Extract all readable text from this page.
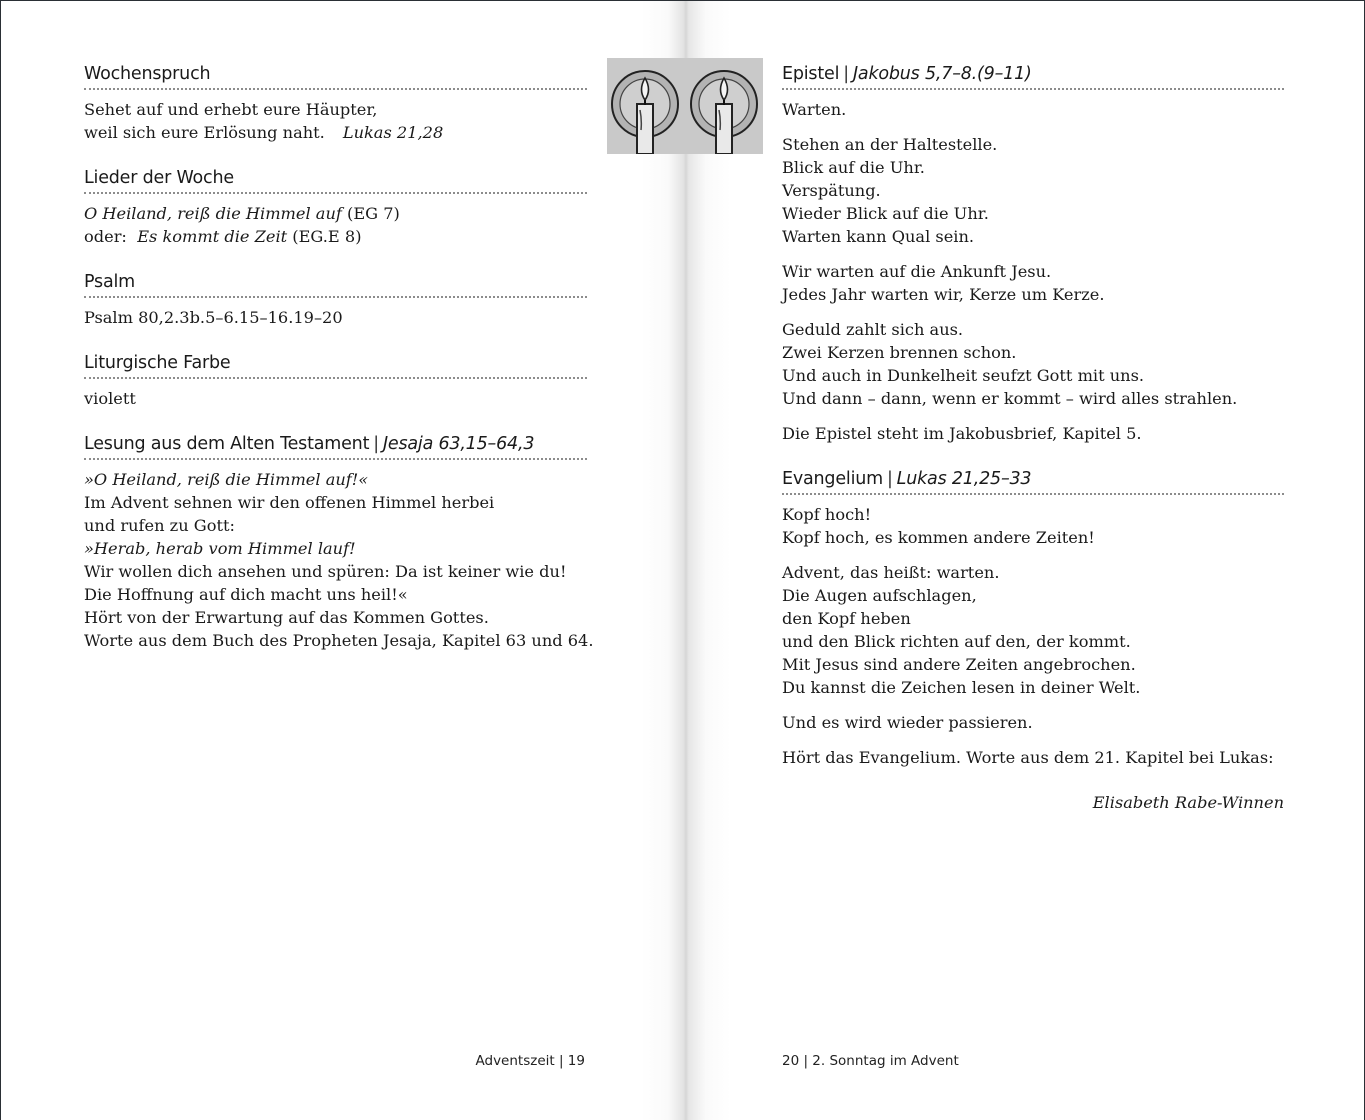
Wochenspruch
Sehet auf und erhebt eure Häupter,
weil sich eure Erlösung naht. Lukas 21,28
Lieder der Woche
O Heiland, reiß die Himmel auf (EG 7)
oder: Es kommt die Zeit (EG.E 8)
Psalm
Psalm 80,2.3b.5–6.15–16.19–20
Liturgische Farbe
violett
Lesung aus dem Alten Testament | Jesaja 63,15–64,3
»O Heiland, reiß die Himmel auf!«
Im Advent sehnen wir den offenen Himmel herbei
und rufen zu Gott:
»Herab, herab vom Himmel lauf!
Wir wollen dich ansehen und spüren: Da ist keiner wie du!
Die Hoffnung auf dich macht uns heil!«
Hört von der Erwartung auf das Kommen Gottes.
Worte aus dem Buch des Propheten Jesaja, Kapitel 63 und 64.
Epistel | Jakobus 5,7–8.(9–11)

Warten.

Stehen an der Haltestelle.
Blick auf die Uhr.
Verspätung.
Wieder Blick auf die Uhr.
Warten kann Qual sein.

Wir warten auf die Ankunft Jesu.
Jedes Jahr warten wir, Kerze um Kerze.

Geduld zahlt sich aus.
Zwei Kerzen brennen schon.
Und auch in Dunkelheit seufzt Gott mit uns.
Und dann – dann, wenn er kommt – wird alles strahlen.

Die Epistel steht im Jakobusbrief, Kapitel 5.

Evangelium | Lukas 21,25–33

Kopf hoch!
Kopf hoch, es kommen andere Zeiten!

Advent, das heißt: warten.
Die Augen aufschlagen,
den Kopf heben
und den Blick richten auf den, der kommt.
Mit Jesus sind andere Zeiten angebrochen.
Du kannst die Zeichen lesen in deiner Welt.

Und es wird wieder passieren.

Hört das Evangelium. Worte aus dem 21. Kapitel bei Lukas:

Elisabeth Rabe-Winnen
Adventszeit | 19	20 | 2. Sonntag im Advent
